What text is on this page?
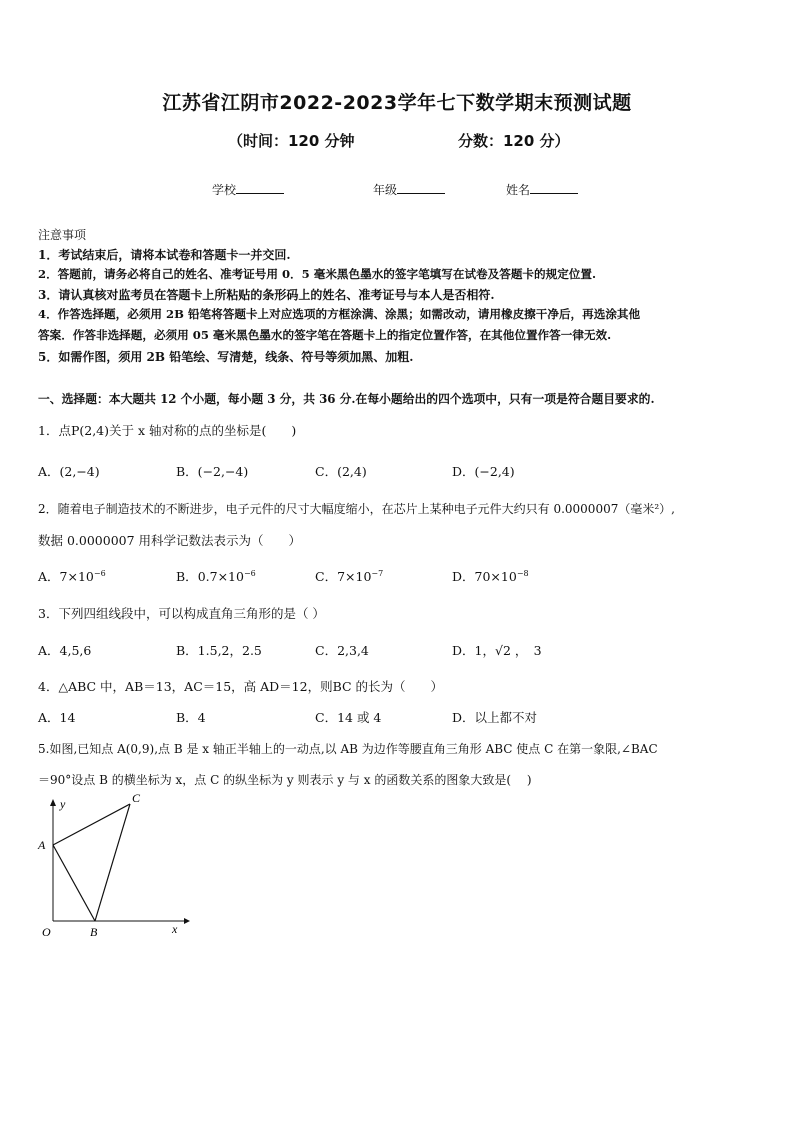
江苏省江阴市2022-2023学年七下数学期末预测试题
（时间：120 分钟	分数：120 分）
学校	年级	姓名
注意事项
1．考试结束后，请将本试卷和答题卡一并交回.
2．答题前，请务必将自己的姓名、准考证号用 0．5 毫米黑色墨水的签字笔填写在试卷及答题卡的规定位置.
3．请认真核对监考员在答题卡上所粘贴的条形码上的姓名、准考证号与本人是否相符.
4．作答选择题，必须用 2B 铅笔将答题卡上对应选项的方框涂满、涂黑；如需改动，请用橡皮擦干净后，再选涂其他
答案．作答非选择题，必须用 05 毫米黑色墨水的签字笔在答题卡上的指定位置作答，在其他位置作答一律无效.
5．如需作图，须用 2B 铅笔绘、写清楚，线条、符号等须加黑、加粗.
一、选择题：本大题共 12 个小题，每小题 3 分，共 36 分.在每小题给出的四个选项中，只有一项是符合题目要求的.
1．点P(2,4)关于 x 轴对称的点的坐标是(　　)
A．(2,−4)	B．(−2,−4)	C．(2,4)	D．(−2,4)
2．随着电子制造技术的不断进步，电子元件的尺寸大幅度缩小，在芯片上某种电子元件大约只有 0.0000007（毫米²）,
数据 0.0000007 用科学记数法表示为（　　）
A．$7\times 10^{-6}$	B．$0.7\times 10^{-6}$	C．$7\times 10^{-7}$	D．$70\times 10^{-8}$
3．下列四组线段中，可以构成直角三角形的是（ ）
A．4,5,6	B．1.5,2，2.5	C．2,3,4	D．1，√2 ，　3
4．△ABC 中，AB＝13，AC＝15，高 AD＝12，则BC 的长为（　　）
A．14	B．4	C．14 或 4	D．以上都不对
5.如图,已知点 A(0,9),点 B 是 x 轴正半轴上的一动点,以 AB 为边作等腰直角三角形 ABC 使点 C 在第一象限,∠BAC
＝90°设点 B 的横坐标为 x，点 C 的纵坐标为 y 则表示 y 与 x 的函数关系的图象大致是(　 )
y	C
A
O	B	x
